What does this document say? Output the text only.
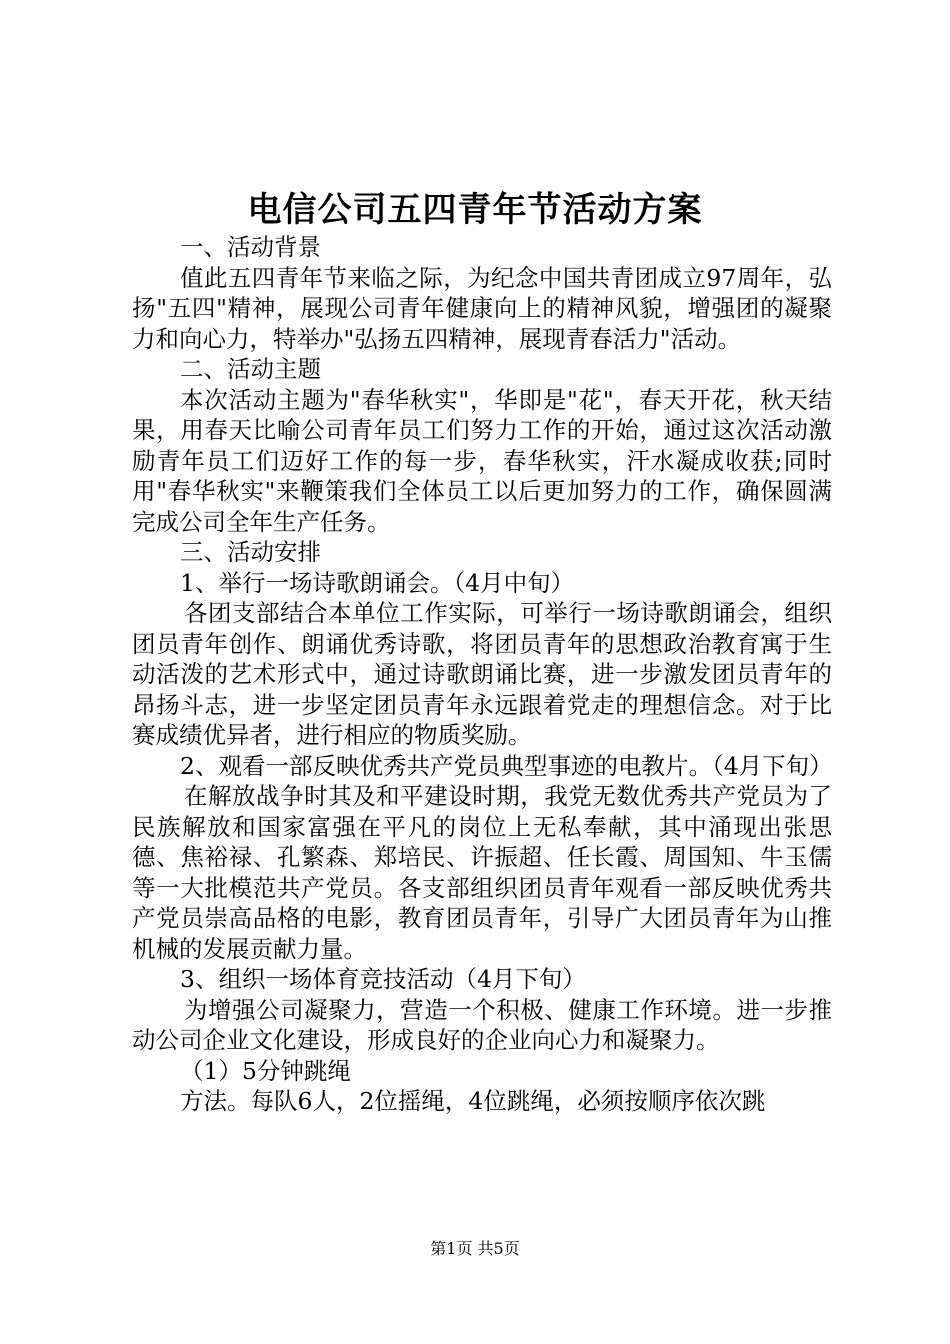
电信公司五四青年节活动方案

一、活动背景

值此五四青年节来临之际，为纪念中国共青团成立97周年，弘扬"五四"精神，展现公司青年健康向上的精神风貌，增强团的凝聚力和向心力，特举办"弘扬五四精神，展现青春活力"活动。

二、活动主题

本次活动主题为"春华秋实"，华即是"花"，春天开花，秋天结果，用春天比喻公司青年员工们努力工作的开始，通过这次活动激励青年员工们迈好工作的每一步，春华秋实，汗水凝成收获;同时用"春华秋实"来鞭策我们全体员工以后更加努力的工作，确保圆满完成公司全年生产任务。

三、活动安排

1、举行一场诗歌朗诵会。（4月中旬）

各团支部结合本单位工作实际，可举行一场诗歌朗诵会，组织团员青年创作、朗诵优秀诗歌，将团员青年的思想政治教育寓于生动活泼的艺术形式中，通过诗歌朗诵比赛，进一步激发团员青年的昂扬斗志，进一步坚定团员青年永远跟着党走的理想信念。对于比赛成绩优异者，进行相应的物质奖励。

2、观看一部反映优秀共产党员典型事迹的电教片。（4月下旬）

在解放战争时其及和平建设时期，我党无数优秀共产党员为了民族解放和国家富强在平凡的岗位上无私奉献，其中涌现出张思德、焦裕禄、孔繁森、郑培民、许振超、任长霞、周国知、牛玉儒等一大批模范共产党员。各支部组织团员青年观看一部反映优秀共产党员崇高品格的电影，教育团员青年，引导广大团员青年为山推机械的发展贡献力量。

3、组织一场体育竞技活动（4月下旬）

为增强公司凝聚力，营造一个积极、健康工作环境。进一步推动公司企业文化建设，形成良好的企业向心力和凝聚力。

（1）5分钟跳绳

方法。每队6人，2位摇绳，4位跳绳，必须按顺序依次跳

第1页 共5页
